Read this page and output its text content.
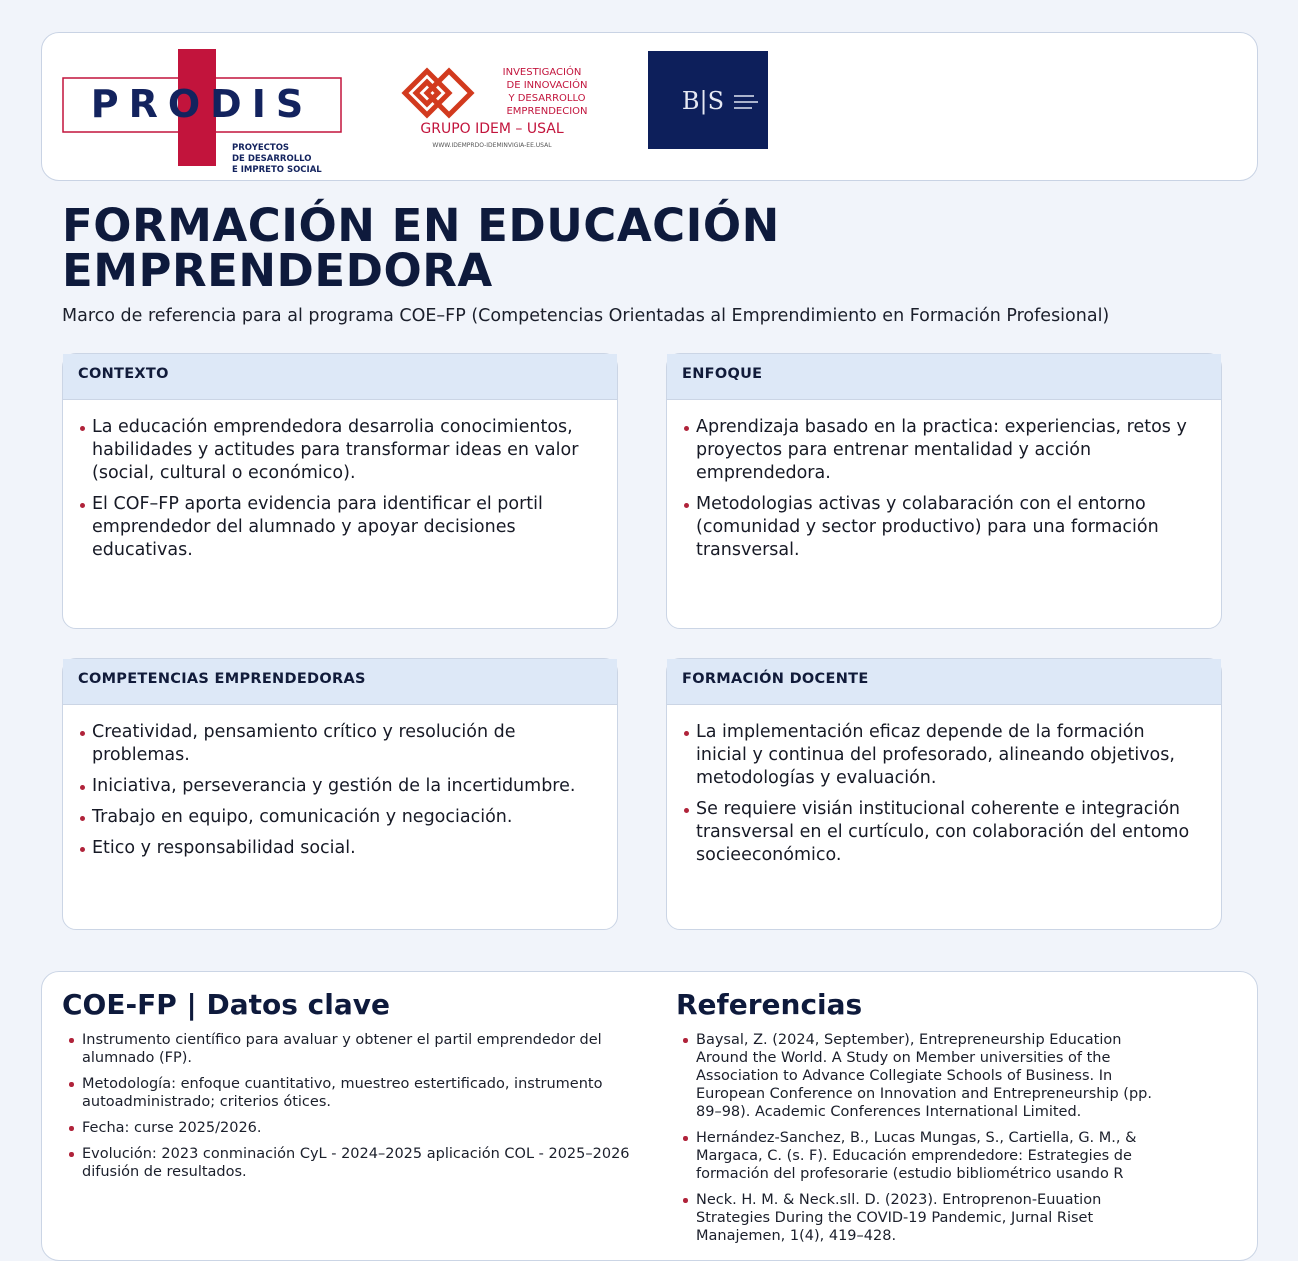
PRODIS
PROYECTOS
DE DESARROLLO
E IMPRETO SOCIAL
INVESTIGACIÓN
DE INNOVACIÓN
Y DESARROLLO
EMPRENDECION
GRUPO IDEM – USAL
WWW.IDEMPRDO-IDEMINVIGIA-EE.USAL
B|S
FORMACIÓN EN EDUCACIÓN
EMPRENDEDORA
Marco de referencia para al programa COE–FP (Competencias Orientadas al Emprendimiento en Formación Profesional)
CONTEXTO
La educación emprendedora desarrolia conocimientos, habilidades y actitudes para transformar ideas en valor (social, cultural o económico).
El COF–FP aporta evidencia para identificar el portil emprendedor del alumnado y apoyar decisiones educativas.
ENFOQUE
Aprendizaja basado en la practica: experiencias, retos y proyectos para entrenar mentalidad y acción emprendedora.
Metodologias activas y colabaración con el entorno (comunidad y sector productivo) para una formación transversal.
COMPETENCIAS EMPRENDEDORAS
Creatividad, pensamiento crítico y resolución de problemas.
Iniciativa, perseverancia y gestión de la incertidumbre.
Trabajo en equipo, comunicación y negociación.
Etico y responsabilidad social.
FORMACIÓN DOCENTE
La implementación eficaz depende de la formación inicial y continua del profesorado, alineando objetivos, metodologías y evaluación.
Se requiere visián institucional coherente e integración transversal en el curtículo, con colaboración del entomo socieeconómico.
COE-FP | Datos clave
Instrumento científico para avaluar y obtener el partil emprendedor del alumnado (FP).
Metodología: enfoque cuantitativo, muestreo estertificado, instrumento autoadministrado; criterios ótices.
Fecha: curse 2025/2026.
Evolución: 2023 conminación CyL - 2024–2025 aplicación COL - 2025–2026 difusión de resultados.
Referencias
Baysal, Z. (2024, September), Entrepreneurship Education Around the World. A Study on Member universities of the Association to Advance Collegiate Schools of Business. In European Conference on Innovation and Entrepreneurship (pp. 89–98). Academic Conferences International Limited.
Hernández-Sanchez, B., Lucas Mungas, S., Cartiella, G. M., & Margaca, C. (s. F). Educación emprendedore: Estrategies de formación del profesorarie (estudio bibliométrico usando R
Neck. H. M. & Neck.sll. D. (2023). Entroprenon-Euuation Strategies During the COVID-19 Pandemic, Jurnal Riset Manajemen, 1(4), 419–428.
